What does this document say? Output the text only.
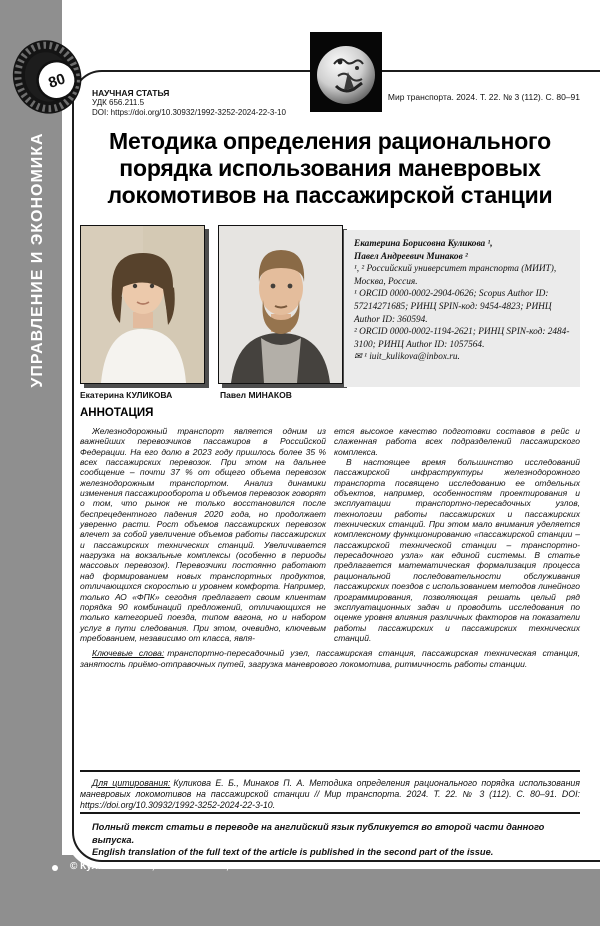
УПРАВЛЕНИЕ И ЭКОНОМИКА
80
НАУЧНАЯ СТАТЬЯ
УДК 656.211.5
DOI: https://doi.org/10.30932/1992-3252-2024-22-3-10
Мир транспорта. 2024. Т. 22. № 3 (112). С. 80–91
Методика определения рационального
порядка использования маневровых
локомотивов на пассажирской станции
Екатерина КУЛИКОВА	Павел МИНАКОВ
Екатерина Борисовна Куликова ¹,
Павел Андреевич Минаков ²
¹, ² Российский университет транспорта (МИИТ), Москва, Россия.
¹ ORCID 0000-0002-2904-0626; Scopus Author ID: 57214271685; РИНЦ SPIN-код: 9454-4823; РИНЦ Author ID: 360594.
² ORCID 0000-0002-1194-2621; РИНЦ SPIN-код: 2484-3100; РИНЦ Author ID: 1057564.
✉ ¹ iuit_kulikova@inbox.ru.
АННОТАЦИЯ

Железнодорожный транспорт является одним из важнейших перевозчиков пассажиров в Российской Федерации. На его долю в 2023 году пришлось более 35 % всех пассажирских перевозок. При этом на дальнее сообщение – почти 37 % от общего объема перевозок железнодорожным транспортом. Анализ динамики изменения пассажирооборота и объемов перевозок говорят о том, что рынок не только восстановился после беспрецедентного падения 2020 года, но продолжает уверенно расти. Рост объемов пассажирских перевозок влечет за собой увеличение объемов работы пассажирских и пассажирских технических станций. Увеличивается нагрузка на вокзальные комплексы (особенно в периоды массовых перевозок). Перевозчики постоянно работают над формированием новых транспортных продуктов, отличающихся скоростью и уровнем комфорта. Например, только АО «ФПК» сегодня предлагает своим клиентам порядка 90 комбинаций предложений, отличающихся не только категорией поезда, типом вагона, но и набором услуг в пути следования. При этом, очевидно, ключевым требованием, независимо от класса, явля-

ется высокое качество подготовки составов в рейс и слаженная работа всех подразделений пассажирского комплекса.

В настоящее время большинство исследований пассажирской инфраструктуры железнодорожного транспорта посвящено исследованию ее отдельных объектов, например, особенностям проектирования и эксплуатации транспортно-пересадочных узлов, технологии работы пассажирских и пассажирских технических станций. При этом мало внимания уделяется комплексному функционированию «пассажирской станции – пассажирской технической станции – транспортно-пересадочного узла» как единой системы. В статье предлагается математическая формализация процесса рациональной последовательности обслуживания пассажирских поездов с использованием методов линейного программирования, позволяющая решать целый ряд эксплуатационных задач и проводить исследования по оценке уровня влияния различных факторов на показатели работы пассажирских и пассажирских технических станций.

Ключевые слова: транспортно-пересадочный узел, пассажирская станция, пассажирская техническая станция, занятость приёмо-отправочных путей, загрузка маневрового локомотива, ритмичность работы станции.
Для цитирования: Куликова Е. Б., Минаков П. А. Методика определения рационального порядка использования маневровых локомотивов на пассажирской станции // Мир транспорта. 2024. Т. 22. № 3 (112). С. 80–91. DOI: https://doi.org/10.30932/1992-3252-2024-22-3-10.
Полный текст статьи в переводе на английский язык публикуется во второй части данного выпуска.
English translation of the full text of the article is published in the second part of the issue.
© Куликова Е. Б., Минаков П. А., 2024
